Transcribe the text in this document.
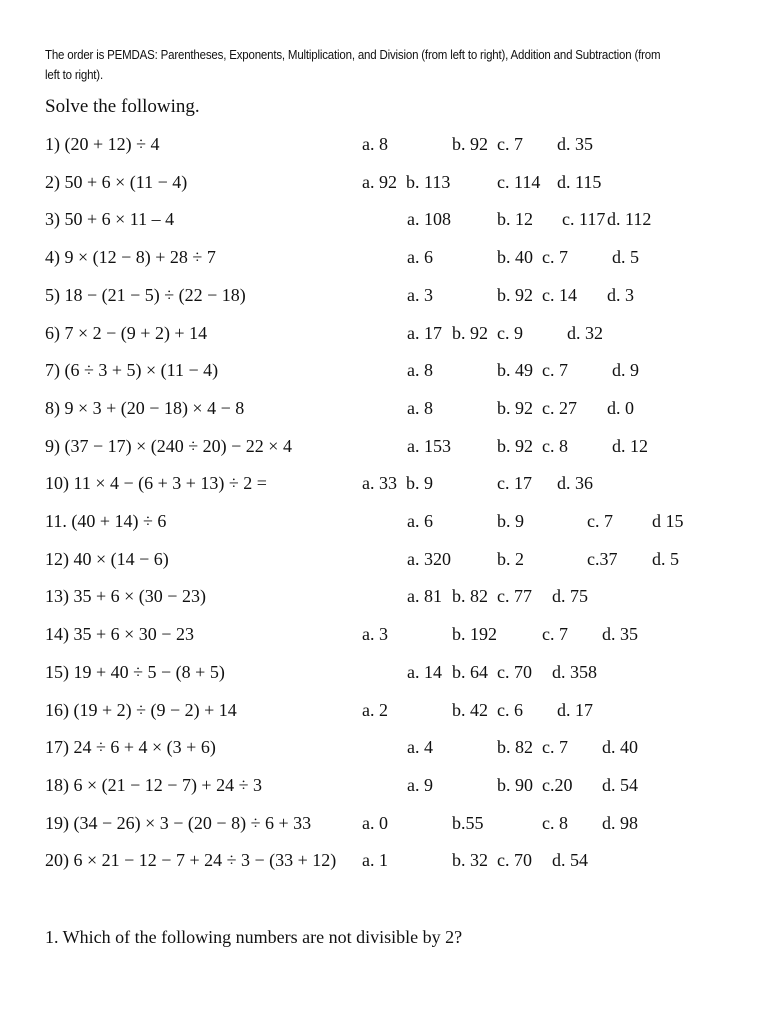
The order is PEMDAS: Parentheses, Exponents, Multiplication, and Division (from left to right), Addition and Subtraction (from left to right).
Solve the following.
1) (20 + 12) ÷ 4	a. 8	b. 92 c. 7 d. 35
2) 50 + 6 × (11 − 4)	a. 92 b. 113	c. 114 d. 115
3) 50 + 6 × 11 – 4	a. 108	b. 12 c. 117 d. 112
4) 9 × (12 − 8) + 28 ÷ 7	a. 6	b. 40 c. 7 d. 5
5) 18 − (21 − 5) ÷ (22 − 18)	a. 3	b. 92 c. 14 d. 3
6) 7 × 2 − (9 + 2) + 14	a. 17 b. 92 c. 9 d. 32
7) (6 ÷ 3 + 5) × (11 − 4)	a. 8	b. 49 c. 7 d. 9
8) 9 × 3 + (20 − 18) × 4 − 8	a. 8	b. 92 c. 27 d. 0
9) (37 − 17) × (240 ÷ 20) − 22 × 4	a. 153	b. 92 c. 8 d. 12
10) 11 × 4 − (6 + 3 + 13) ÷ 2 =	a. 33 b. 9	c. 17 d. 36
11. (40 + 14) ÷ 6	a. 6	b. 9	c. 7 d 15
12) 40 × (14 − 6)	a. 320	b. 2	c.37 d. 5
13) 35 + 6 × (30 − 23)	a. 81 b. 82 c. 77 d. 75
14) 35 + 6 × 30 − 23	a. 3	b. 192	c. 7 d. 35
15) 19 + 40 ÷ 5 − (8 + 5)	a. 14 b. 64 c. 70 d. 358
16) (19 + 2) ÷ (9 − 2) + 14	a. 2	b. 42 c. 6 d. 17
17) 24 ÷ 6 + 4 × (3 + 6)	a. 4	b. 82 c. 7 d. 40
18) 6 × (21 − 12 − 7) + 24 ÷ 3	a. 9	b. 90 c.20 d. 54
19) (34 − 26) × 3 − (20 − 8) ÷ 6 + 33	a. 0	b.55	c. 8 d. 98
20) 6 × 21 − 12 − 7 + 24 ÷ 3 − (33 + 12) a. 1	b. 32 c. 70 d. 54
1. Which of the following numbers are not divisible by 2?
